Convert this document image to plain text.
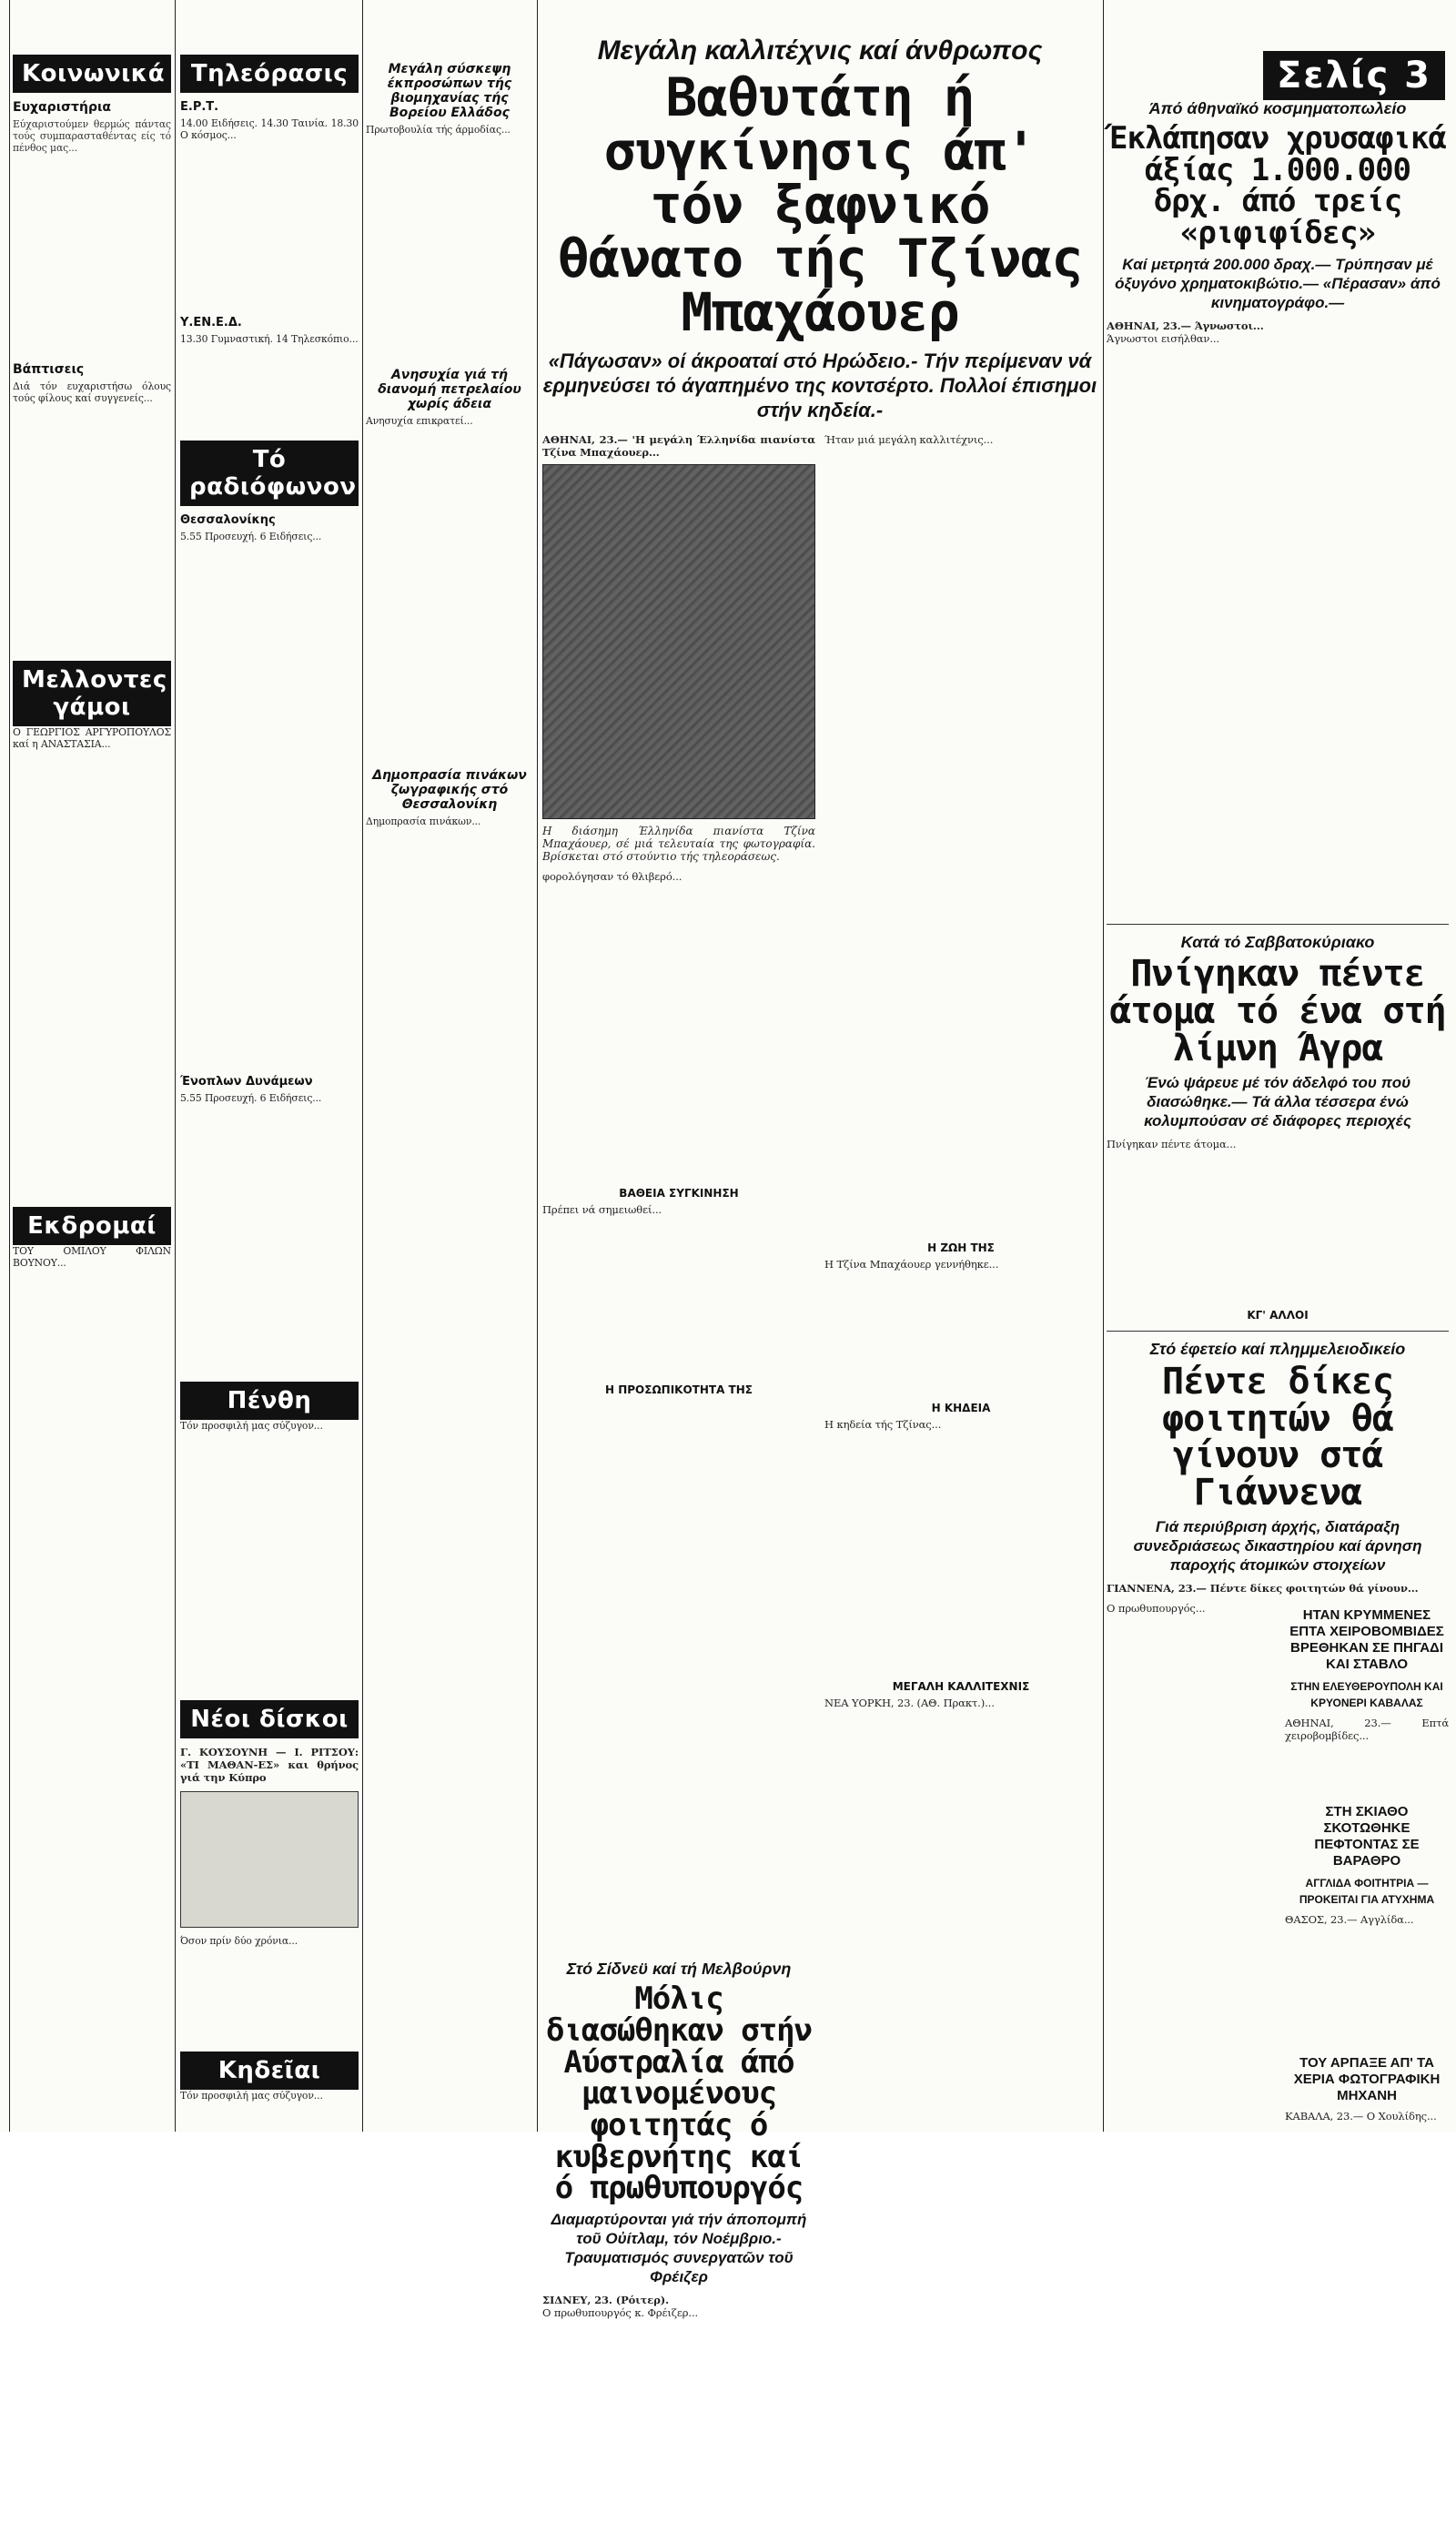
Κοινωνικά
Ευχαριστήρια
Εύχαριστούμεν θερμώς πάντας τούς συμπαρασταθέντας είς τό πένθος μας...
Βάπτισεις
Διά τόν ευχαριστήσω όλους τούς φίλους καί συγγενείς...
Μελλοντες γάμοι
Ο ΓΕΩΡΓΙΟΣ ΑΡΓΥΡΟΠΟΥΛΟΣ καί η ΑΝΑΣΤΑΣΙΑ...
Εκδρομαί
ΤΟΥ ΟΜΙΛΟΥ ΦΙΛΩΝ ΒΟΥΝΟΥ...
Τηλεόρασις
Ε.Ρ.Τ.
14.00 Ειδήσεις. 14.30 Ταινία. 18.30 Ο κόσμος...
Υ.ΕΝ.Ε.Δ.
13.30 Γυμναστική. 14 Τηλεσκόπιο...
Τό ραδιόφωνον
Θεσσαλονίκης
5.55 Προσευχή. 6 Ειδήσεις...
Ένοπλων Δυνάμεων
5.55 Προσευχή. 6 Ειδήσεις...
Πένθη
Τόν προσφιλή μας σύζυγον...
Νέοι δίσκοι
Γ. ΚΟΥΣΟΥΝΗ — Ι. ΡΙΤΣΟΥ: «ΤΙ ΜΑΘΑΝ-ΕΣ» και θρήνος γιά την Κύπρο
Όσον πρίν δύο χρόνια...
Κηδεῖαι
Τόν προσφιλή μας σύζυγον...
Μεγάλη σύσκεψη έκπροσώπων τής βιομηχανίας τής Βορείου Ελλάδος
Πρωτοβουλία τής άρμοδίας...
Ανησυχία γιά τή διανομή πετρελαίου χωρίς άδεια
Ανησυχία επικρατεί...
Δημοπρασία πινάκων ζωγραφικής στό Θεσσαλονίκη
Δημοπρασία πινάκων...
Μεγάλη καλλιτέχνις καί άνθρωπος
Βαθυτάτη ή συγκίνησις άπ' τόν ξαφνικό θάνατο τής Τζίνας Μπαχάουερ
«Πάγωσαν» οί άκροαταί στό Ηρώδειο.- Τήν περίμεναν νά ερμηνεύσει τό άγαπημένο της κοντσέρτο. Πολλοί έπισημοι στήν κηδεία.-
ΑΘΗΝΑΙ, 23.— 'Η μεγάλη Έλληνίδα πιανίστα Τζίνα Μπαχάουερ...
Η διάσημη Έλληνίδα πιανίστα Τζίνα Μπαχάουερ, σέ μιά τελευταία της φωτογραφία. Βρίσκεται στό στούντιο τής τηλεοράσεως.
φορολόγησαν τό θλιβερό...
ΒΑΘΕΙΑ ΣΥΓΚΙΝΗΣΗ
Πρέπει νά σημειωθεί...
Η ΠΡΟΣΩΠΙΚΟΤΗΤΑ ΤΗΣ
Ήταν μιά μεγάλη καλλιτέχνις...
Η ΖΩΗ ΤΗΣ
Η Τζίνα Μπαχάουερ γεννήθηκε...
Η ΚΗΔΕΙΑ
Η κηδεία τής Τζίνας...
ΜΕΓΑΛΗ ΚΑΛΛΙΤΕΧΝΙΣ
ΝΕΑ ΥΟΡΚΗ, 23. (ΑΘ. Πρακτ.)...
Στό Σίδνεϋ καί τή Μελβούρνη
Μόλις διασώθηκαν στήν Αύστραλία άπό μαινομένους φοιτητάς ό κυβερνήτης καί ό πρωθυπουργός
Διαμαρτύρονται γιά τήν άποπομπή τοῦ Οὐίτλαμ, τόν Νοέμβριο.- Τραυματισμός συνεργατῶν τοῦ Φρέιζερ
ΣΙΔΝΕΥ, 23. (Ρόιτερ).
Ο πρωθυπουργός κ. Φρέιζερ...
Σελίς 3
Άπό άθηναϊκό κοσμηματοπωλείο
Έκλάπησαν χρυσαφικά άξίας 1.000.000 δρχ. άπό τρείς «ριφιφίδες»
Καί μετρητά 200.000 δραχ.— Τρύπησαν μέ όξυγόνο χρηματοκιβώτιο.— «Πέρασαν» άπό κινηματογράφο.—
ΑΘΗΝΑΙ, 23.— Άγνωστοι...
Άγνωστοι εισήλθαν...
Κατά τό Σαββατοκύριακο
Πνίγηκαν πέντε άτομα τό ένα στή λίμνη Άγρα
Ένώ ψάρευε μέ τόν άδελφό του πού διασώθηκε.— Τά άλλα τέσσερα ένώ κολυμπούσαν σέ διάφορες περιοχές
Πνίγηκαν πέντε άτομα...
ΚΓ' ΑΛΛΟΙ
Στό έφετείο καί πλημμελειοδικείο
Πέντε δίκες φοιτητών θά γίνουν στά Γιάννενα
Γιά περιύβριση άρχής, διατάραξη συνεδριάσεως δικαστηρίου καί άρνηση παροχής άτομικών στοιχείων
ΓΙΑΝΝΕΝΑ, 23.— Πέντε δίκες φοιτητών θά γίνουν...
Ο πρωθυπουργός...	ΗΤΑΝ ΚΡΥΜΜΕΝΕΣ ΕΠΤΑ ΧΕΙΡΟΒΟΜΒΙΔΕΣ ΒΡΕΘΗΚΑΝ ΣΕ ΠΗΓΑΔΙ ΚΑΙ ΣΤΑΒΛΟ
ΣΤΗΝ ΕΛΕΥΘΕΡΟΥΠΟΛΗ ΚΑΙ ΚΡΥΟΝΕΡΙ ΚΑΒΑΛΑΣ
ΑΘΗΝΑΙ, 23.— Επτά χειροβομβίδες...
ΣΤΗ ΣΚΙΑΘΟ ΣΚΟΤΩΘΗΚΕ ΠΕΦΤΟΝΤΑΣ ΣΕ ΒΑΡΑΘΡΟ
ΑΓΓΛΙΔΑ ΦΟΙΤΗΤΡΙΑ — ΠΡΟΚΕΙΤΑΙ ΓΙΑ ΑΤΥΧΗΜΑ
ΘΑΣΟΣ, 23.— Αγγλίδα...
ΤΟΥ ΑΡΠΑΞΕ ΑΠ' ΤΑ ΧΕΡΙΑ ΦΩΤΟΓΡΑΦΙΚΗ ΜΗΧΑΝΗ
ΚΑΒΑΛΑ, 23.— Ο Χουλίδης...
